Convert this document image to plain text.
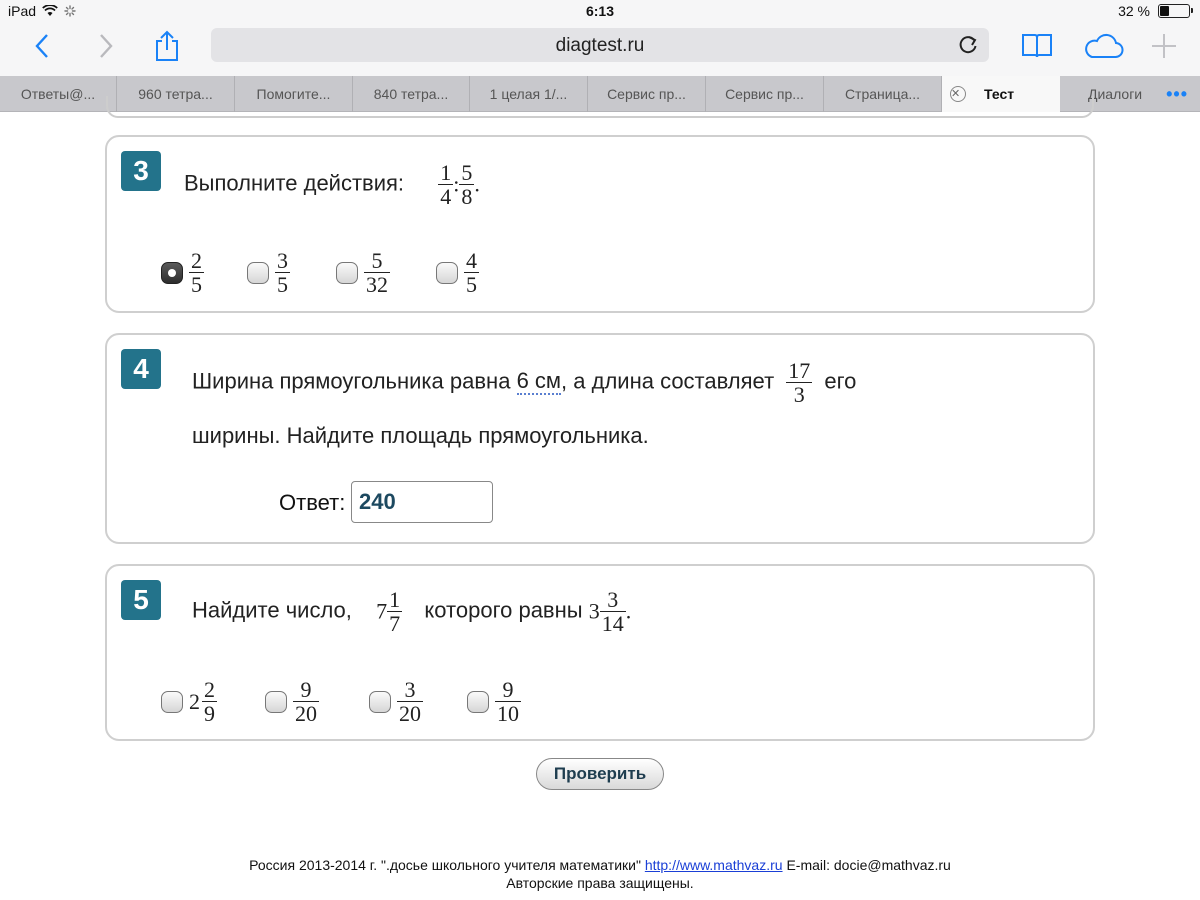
iPad	6:13	32 %
diagtest.ru
Ответы@...	960 тетра...	Помогите...	840 тетра...	1 целая 1/...	Сервис пр...	Сервис пр...	Страница...	✕	Тест	Диалоги	•••
3	Выполните действия: $\frac{1}{4}$ : $\frac{5}{8}$ .
$\frac{2}{5}$	$\frac{3}{5}$	$\frac{5}{32}$	$\frac{4}{5}$
4	Ширина прямоугольника равна 6 см, а длина составляет $\frac{17}{3}$ его
ширины. Найдите площадь прямоугольника.
Ответ:
240
5	Найдите число, $7 \frac{1}{7}$ которого равны $3 \frac{3}{14}$ .
$2 \frac{2}{9}$	$\frac{9}{20}$	$\frac{3}{20}$	$\frac{9}{10}$
Проверить
Россия 2013-2014 г. ".досье школьного учителя математики" http://www.mathvaz.ru E-mail: docie@mathvaz.ru
Авторские права защищены.
